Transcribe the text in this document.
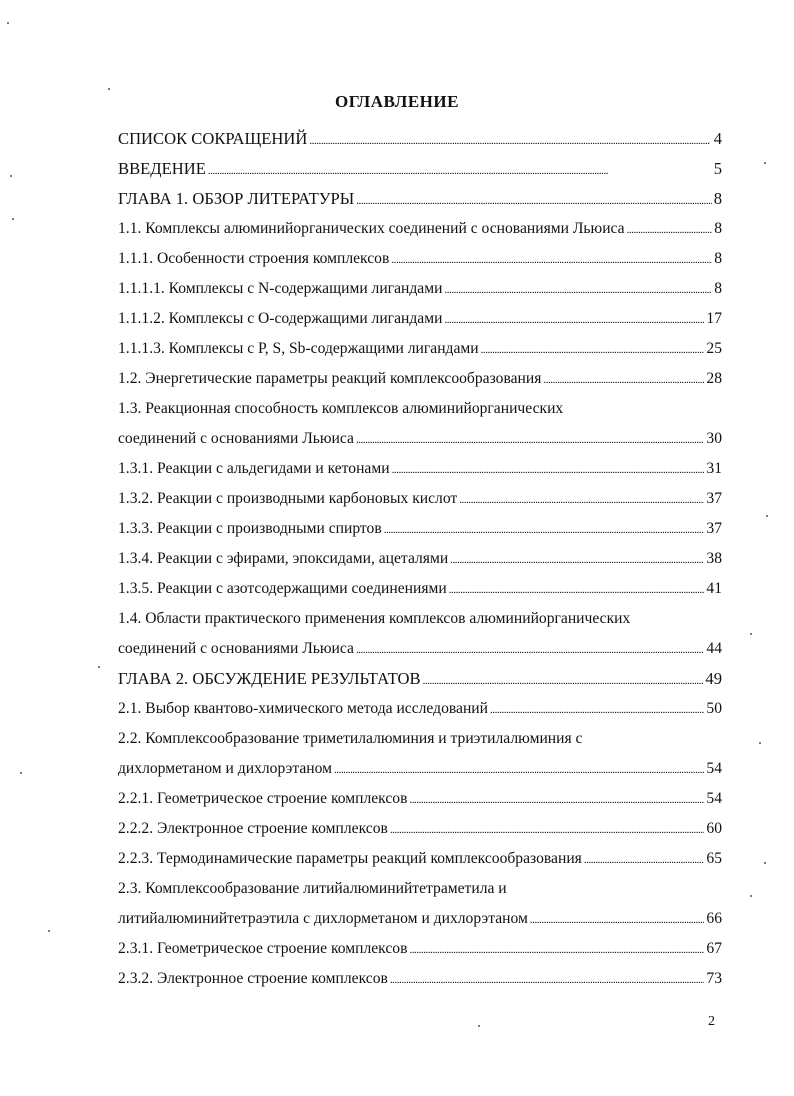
ОГЛАВЛЕНИЕ
СПИСОК СОКРАЩЕНИЙ . . .	4
ВВЕДЕНИЕ . . .	5
ГЛАВА 1. ОБЗОР ЛИТЕРАТУРЫ . . .	8
1.1. Комплексы алюминийорганических соединений с основаниями Льюиса . . .	8
1.1.1. Особенности строения комплексов . . .	8
1.1.1.1. Комплексы с N-содержащими лигандами . . .	8
1.1.1.2. Комплексы с О-содержащими лигандами . . .	17
1.1.1.3. Комплексы с Р, S, Sb-содержащими лигандами . . .	25
1.2. Энергетические параметры реакций комплексообразования . . .	28
1.3. Реакционная способность комплексов алюминийорганических
соединений с основаниями Льюиса . . .	30
1.3.1. Реакции с альдегидами и кетонами . . .	31
1.3.2. Реакции с производными карбоновых кислот . . .	37
1.3.3. Реакции с производными спиртов . . .	37
1.3.4. Реакции с эфирами, эпоксидами, ацеталями . . .	38
1.3.5. Реакции с азотсодержащими соединениями . . .	41
1.4. Области практического применения комплексов алюминийорганических
соединений с основаниями Льюиса . . .	44
ГЛАВА 2. ОБСУЖДЕНИЕ РЕЗУЛЬТАТОВ . . .	49
2.1. Выбор квантово-химического метода исследований . . .	50
2.2. Комплексообразование триметилалюминия и триэтилалюминия с
дихлорметаном и дихлорэтаном . . .	54
2.2.1. Геометрическое строение комплексов . . .	54
2.2.2. Электронное строение комплексов . . .	60
2.2.3. Термодинамические параметры реакций комплексообразования . . .	65
2.3. Комплексообразование литийалюминийтетраметила и
литийалюминийтетраэтила с дихлорметаном и дихлорэтаном . . .	66
2.3.1. Геометрическое строение комплексов . . .	67
2.3.2. Электронное строение комплексов . . .	73
2
